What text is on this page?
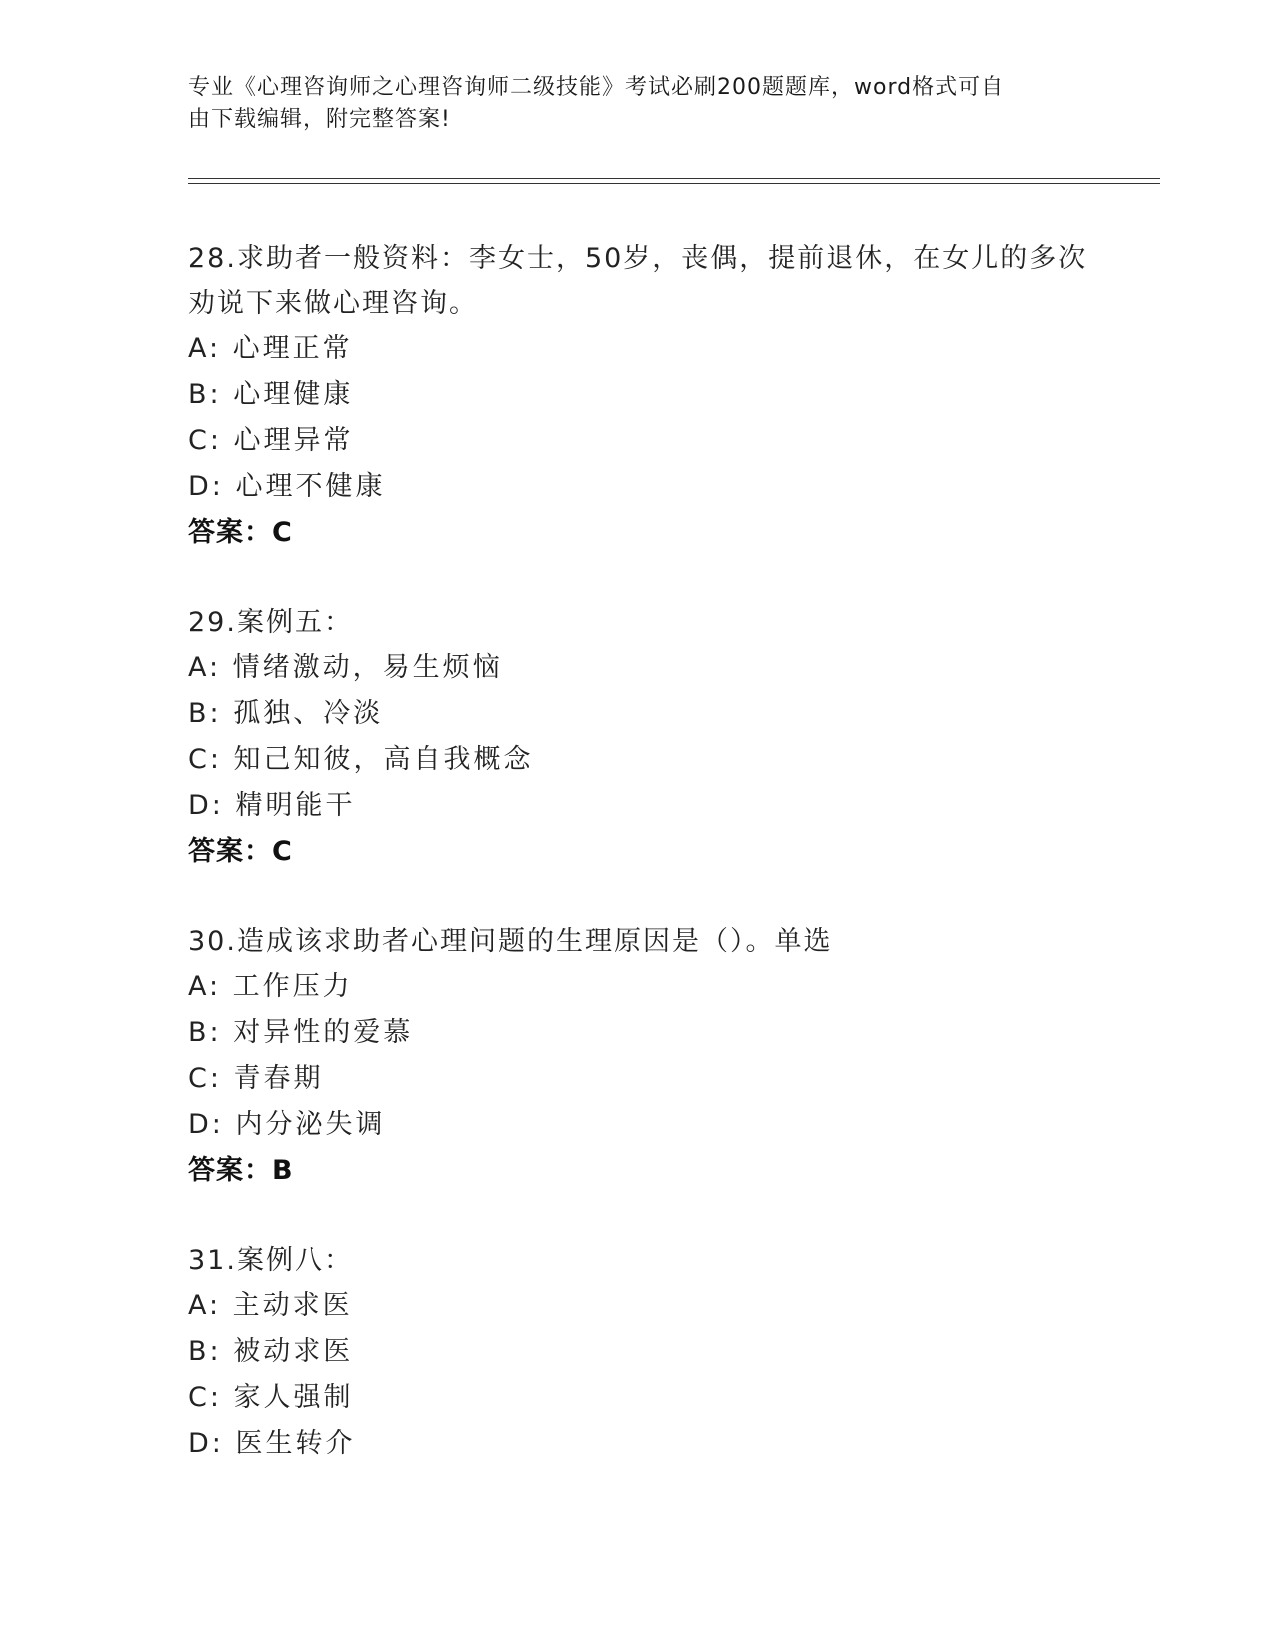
专业《心理咨询师之心理咨询师二级技能》考试必刷200题题库，word格式可自
由下载编辑，附完整答案!
28.求助者一般资料：李女士，50岁，丧偶，提前退休，在女儿的多次
劝说下来做心理咨询。
A: 心理正常
B: 心理健康
C: 心理异常
D: 心理不健康
答案：C
29.案例五：
A: 情绪激动，易生烦恼
B: 孤独、冷淡
C: 知己知彼，高自我概念
D: 精明能干
答案：C
30.造成该求助者心理问题的生理原因是（）。单选
A: 工作压力
B: 对异性的爱慕
C: 青春期
D: 内分泌失调
答案：B
31.案例八：
A: 主动求医
B: 被动求医
C: 家人强制
D: 医生转介
